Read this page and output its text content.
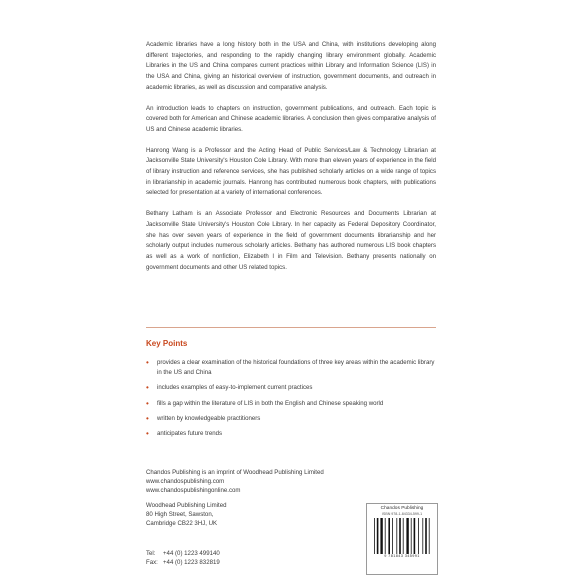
Academic libraries have a long history both in the USA and China, with institutions developing along different trajectories, and responding to the rapidly changing library environment globally. Academic Libraries in the US and China compares current practices within Library and Information Science (LIS) in the USA and China, giving an historical overview of instruction, government documents, and outreach in academic libraries, as well as discussion and comparative analysis.

An introduction leads to chapters on instruction, government publications, and outreach. Each topic is covered both for American and Chinese academic libraries. A conclusion then gives comparative analysis of US and Chinese academic libraries.

Hanrong Wang is a Professor and the Acting Head of Public Services/Law & Technology Librarian at Jacksonville State University's Houston Cole Library. With more than eleven years of experience in the field of library instruction and reference services, she has published scholarly articles on a wide range of topics in librarianship in academic journals. Hanrong has contributed numerous book chapters, with publications selected for presentation at a variety of international conferences.

Bethany Latham is an Associate Professor and Electronic Resources and Documents Librarian at Jacksonville State University's Houston Cole Library. In her capacity as Federal Depository Coordinator, she has over seven years of experience in the field of government documents librarianship and her scholarly output includes numerous scholarly articles. Bethany has authored numerous LIS book chapters as well as a work of nonfiction, Elizabeth I in Film and Television. Bethany presents nationally on government documents and other US related topics.

Key Points
• provides a clear examination of the historical foundations of three key areas within the academic library in the US and China
• includes examples of easy-to-implement current practices
• fills a gap within the literature of LIS in both the English and Chinese speaking world
• written by knowledgeable practitioners
• anticipates future trends
Chandos Publishing is an imprint of Woodhead Publishing Limited
www.chandospublishing.com
www.chandospublishingonline.com
Woodhead Publishing Limited
80 High Street, Sawston,
Cambridge CB22 3HJ, UK
Tel: +44 (0) 1223 499140
Fax: +44 (0) 1223 832819
Chandos Publishing
ISBN 978-1-84334-599-1
9 781843 345991
